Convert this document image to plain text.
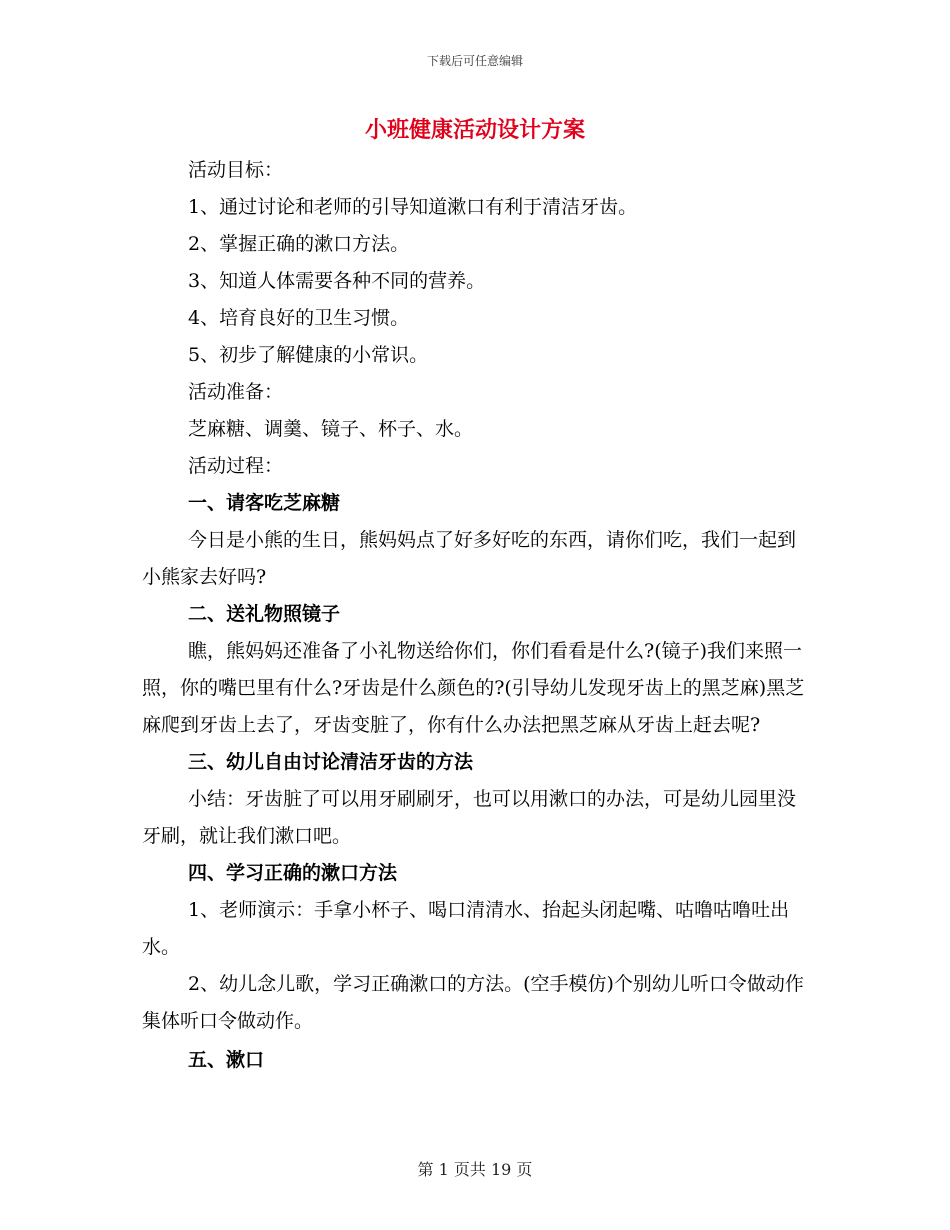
下载后可任意编辑
小班健康活动设计方案

活动目标：

1、通过讨论和老师的引导知道漱口有利于清洁牙齿。

2、掌握正确的漱口方法。

3、知道人体需要各种不同的营养。

4、培育良好的卫生习惯。

5、初步了解健康的小常识。

活动准备：

芝麻糖、调羹、镜子、杯子、水。

活动过程：

一、请客吃芝麻糖

今日是小熊的生日，熊妈妈点了好多好吃的东西，请你们吃，我们一起到小熊家去好吗?

二、送礼物照镜子

瞧，熊妈妈还准备了小礼物送给你们，你们看看是什么?(镜子)我们来照一照，你的嘴巴里有什么?牙齿是什么颜色的?(引导幼儿发现牙齿上的黑芝麻)黑芝麻爬到牙齿上去了，牙齿变脏了，你有什么办法把黑芝麻从牙齿上赶去呢?

三、幼儿自由讨论清洁牙齿的方法

小结：牙齿脏了可以用牙刷刷牙，也可以用漱口的办法，可是幼儿园里没牙刷，就让我们漱口吧。

四、学习正确的漱口方法

1、老师演示：手拿小杯子、喝口清清水、抬起头闭起嘴、咕噜咕噜吐出水。

2、幼儿念儿歌，学习正确漱口的方法。(空手模仿)个别幼儿听口令做动作集体听口令做动作。

五、漱口

第 1 页共 19 页
